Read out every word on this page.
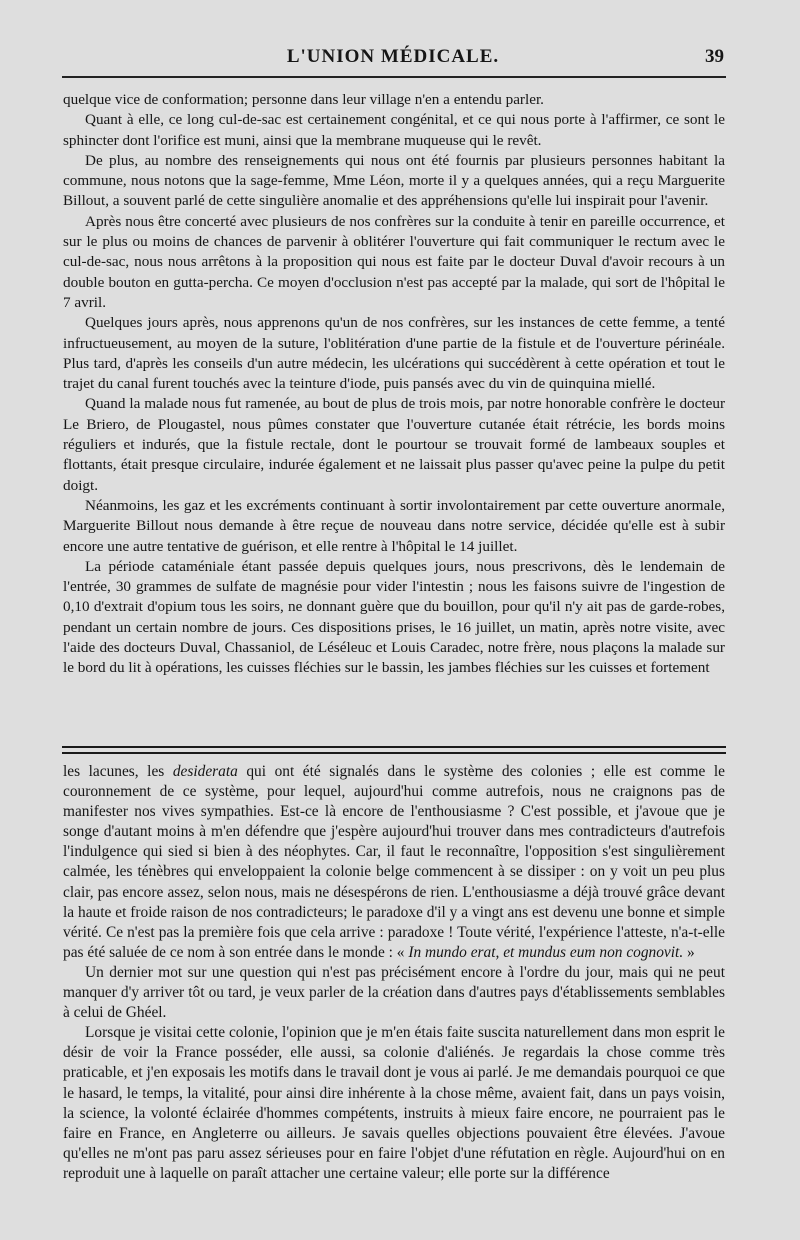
L'UNION MÉDICALE.	39

quelque vice de conformation; personne dans leur village n'en a entendu parler.

Quant à elle, ce long cul-de-sac est certainement congénital, et ce qui nous porte à l'affirmer, ce sont le sphincter dont l'orifice est muni, ainsi que la membrane muqueuse qui le revêt.

De plus, au nombre des renseignements qui nous ont été fournis par plusieurs personnes habitant la commune, nous notons que la sage-femme, Mme Léon, morte il y a quelques années, qui a reçu Marguerite Billout, a souvent parlé de cette singulière anomalie et des appréhensions qu'elle lui inspirait pour l'avenir.

Après nous être concerté avec plusieurs de nos confrères sur la conduite à tenir en pareille occurrence, et sur le plus ou moins de chances de parvenir à oblitérer l'ouverture qui fait communiquer le rectum avec le cul-de-sac, nous nous arrêtons à la proposition qui nous est faite par le docteur Duval d'avoir recours à un double bouton en gutta-percha. Ce moyen d'occlusion n'est pas accepté par la malade, qui sort de l'hôpital le 7 avril.

Quelques jours après, nous apprenons qu'un de nos confrères, sur les instances de cette femme, a tenté infructueusement, au moyen de la suture, l'oblitération d'une partie de la fistule et de l'ouverture périnéale. Plus tard, d'après les conseils d'un autre médecin, les ulcérations qui succédèrent à cette opération et tout le trajet du canal furent touchés avec la teinture d'iode, puis pansés avec du vin de quinquina miellé.

Quand la malade nous fut ramenée, au bout de plus de trois mois, par notre honorable confrère le docteur Le Briero, de Plougastel, nous pûmes constater que l'ouverture cutanée était rétrécie, les bords moins réguliers et indurés, que la fistule rectale, dont le pourtour se trouvait formé de lambeaux souples et flottants, était presque circulaire, indurée également et ne laissait plus passer qu'avec peine la pulpe du petit doigt.

Néanmoins, les gaz et les excréments continuant à sortir involontairement par cette ouverture anormale, Marguerite Billout nous demande à être reçue de nouveau dans notre service, décidée qu'elle est à subir encore une autre tentative de guérison, et elle rentre à l'hôpital le 14 juillet.

La période cataméniale étant passée depuis quelques jours, nous prescrivons, dès le lendemain de l'entrée, 30 grammes de sulfate de magnésie pour vider l'intestin ; nous les faisons suivre de l'ingestion de 0,10 d'extrait d'opium tous les soirs, ne donnant guère que du bouillon, pour qu'il n'y ait pas de garde-robes, pendant un certain nombre de jours. Ces dispositions prises, le 16 juillet, un matin, après notre visite, avec l'aide des docteurs Duval, Chassaniol, de Léséleuc et Louis Caradec, notre frère, nous plaçons la malade sur le bord du lit à opérations, les cuisses fléchies sur le bassin, les jambes fléchies sur les cuisses et fortement

les lacunes, les desiderata qui ont été signalés dans le système des colonies ; elle est comme le couronnement de ce système, pour lequel, aujourd'hui comme autrefois, nous ne craignons pas de manifester nos vives sympathies. Est-ce là encore de l'enthousiasme ? C'est possible, et j'avoue que je songe d'autant moins à m'en défendre que j'espère aujourd'hui trouver dans mes contradicteurs d'autrefois l'indulgence qui sied si bien à des néophytes. Car, il faut le reconnaître, l'opposition s'est singulièrement calmée, les ténèbres qui enveloppaient la colonie belge commencent à se dissiper : on y voit un peu plus clair, pas encore assez, selon nous, mais ne désespérons de rien. L'enthousiasme a déjà trouvé grâce devant la haute et froide raison de nos contradicteurs; le paradoxe d'il y a vingt ans est devenu une bonne et simple vérité. Ce n'est pas la première fois que cela arrive : paradoxe ! Toute vérité, l'expérience l'atteste, n'a-t-elle pas été saluée de ce nom à son entrée dans le monde : « In mundo erat, et mundus eum non cognovit. »

Un dernier mot sur une question qui n'est pas précisément encore à l'ordre du jour, mais qui ne peut manquer d'y arriver tôt ou tard, je veux parler de la création dans d'autres pays d'établissements semblables à celui de Ghéel.

Lorsque je visitai cette colonie, l'opinion que je m'en étais faite suscita naturellement dans mon esprit le désir de voir la France posséder, elle aussi, sa colonie d'aliénés. Je regardais la chose comme très praticable, et j'en exposais les motifs dans le travail dont je vous ai parlé. Je me demandais pourquoi ce que le hasard, le temps, la vitalité, pour ainsi dire inhérente à la chose même, avaient fait, dans un pays voisin, la science, la volonté éclairée d'hommes compétents, instruits à mieux faire encore, ne pourraient pas le faire en France, en Angleterre ou ailleurs. Je savais quelles objections pouvaient être élevées. J'avoue qu'elles ne m'ont pas paru assez sérieuses pour en faire l'objet d'une réfutation en règle. Aujourd'hui on en reproduit une à laquelle on paraît attacher une certaine valeur; elle porte sur la différence
